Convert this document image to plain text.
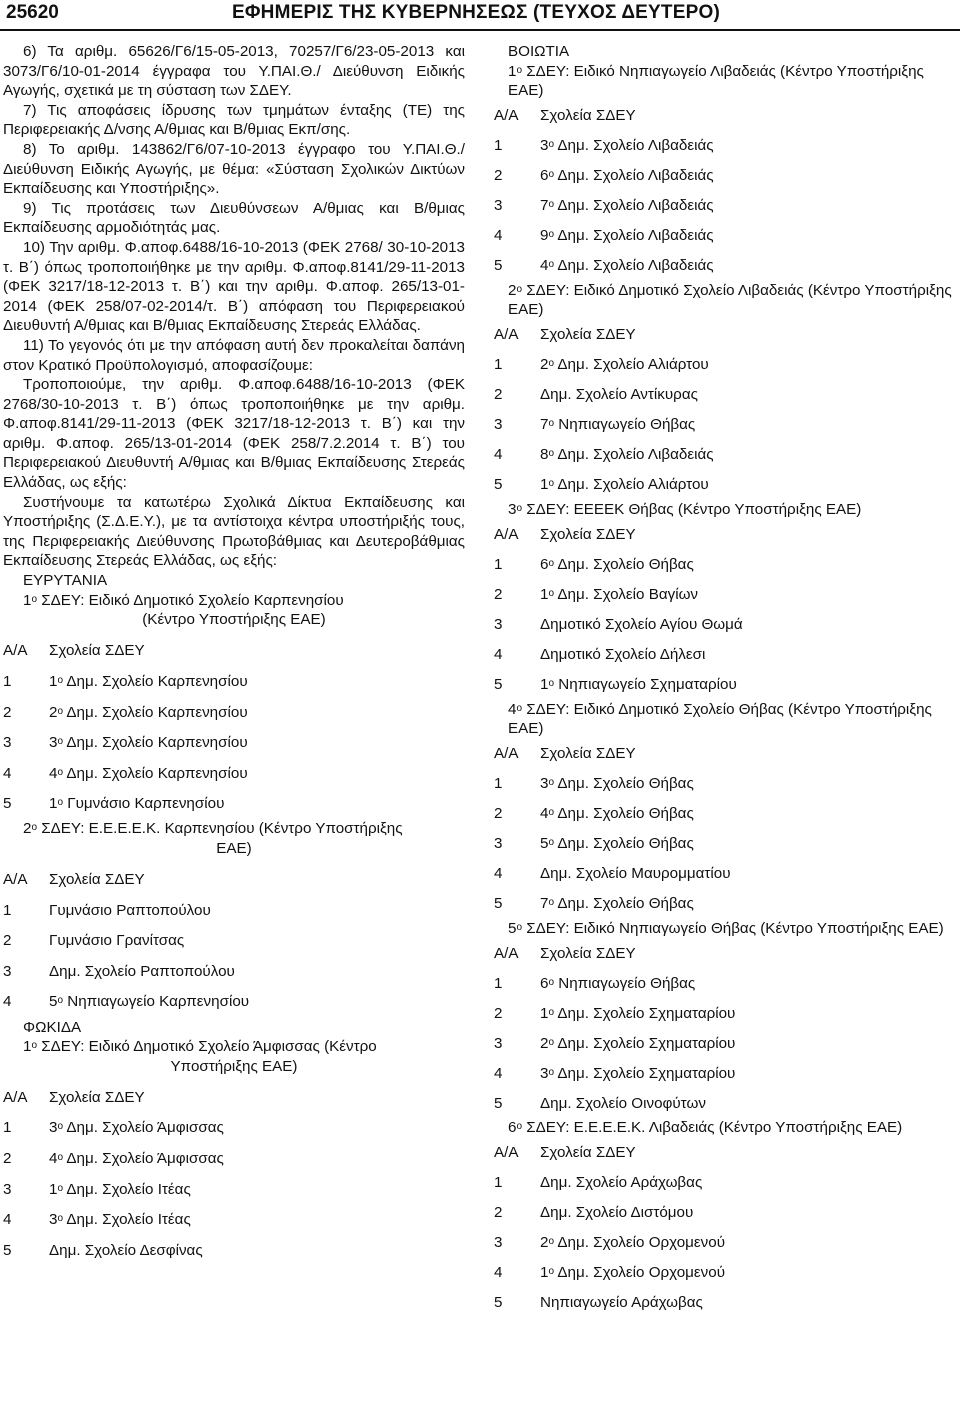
25620	ΕΦΗΜΕΡΙΣ ΤΗΣ ΚΥΒΕΡΝΗΣΕΩΣ (ΤΕΥΧΟΣ ΔΕΥΤΕΡΟ)

6) Τα αριθμ. 65626/Γ6/15-05-2013, 70257/Γ6/23-05-2013 και 3073/Γ6/10-01-2014 έγγραφα του Υ.ΠΑΙ.Θ./ Διεύθυνση Ειδικής Αγωγής, σχετικά με τη σύσταση των ΣΔΕΥ.

7) Τις αποφάσεις ίδρυσης των τμημάτων ένταξης (ΤΕ) της Περιφερειακής Δ/νσης Α/θμιας και Β/θμιας Εκπ/σης.

8) Το αριθμ. 143862/Γ6/07-10-2013 έγγραφο του Υ.ΠΑΙ.Θ./ Διεύθυνση Ειδικής Αγωγής, με θέμα: «Σύσταση Σχολικών Δικτύων Εκπαίδευσης και Υποστήριξης».

9) Τις προτάσεις των Διευθύνσεων Α/θμιας και Β/θμιας Εκπαίδευσης αρμοδιότητάς μας.

10) Την αριθμ. Φ.αποφ.6488/16-10-2013 (ΦΕΚ 2768/ 30-10-2013 τ. Β΄) όπως τροποποιήθηκε με την αριθμ. Φ.αποφ.8141/29-11-2013 (ΦΕΚ 3217/18-12-2013 τ. Β΄) και την αριθμ. Φ.αποφ. 265/13-01-2014 (ΦΕΚ 258/07-02-2014/τ. Β΄) απόφαση του Περιφερειακού Διευθυντή Α/θμιας και Β/θμιας Εκπαίδευσης Στερεάς Ελλάδας.

11) Το γεγονός ότι με την απόφαση αυτή δεν προκαλείται δαπάνη στον Κρατικό Προϋπολογισμό, αποφασίζουμε:

Τροποποιούμε, την αριθμ. Φ.αποφ.6488/16-10-2013 (ΦΕΚ 2768/30-10-2013 τ. Β΄) όπως τροποποιήθηκε με την αριθμ. Φ.αποφ.8141/29-11-2013 (ΦΕΚ 3217/18-12-2013 τ. Β΄) και την αριθμ. Φ.αποφ. 265/13-01-2014 (ΦΕΚ 258/7.2.2014 τ. Β΄) του Περιφερειακού Διευθυντή Α/θμιας και Β/θμιας Εκπαίδευσης Στερεάς Ελλάδας, ως εξής:

Συστήνουμε τα κατωτέρω Σχολικά Δίκτυα Εκπαίδευσης και Υποστήριξης (Σ.Δ.Ε.Υ.), με τα αντίστοιχα κέντρα υποστήριξής τους, της Περιφερειακής Διεύθυνσης Πρωτοβάθμιας και Δευτεροβάθμιας Εκπαίδευσης Στερεάς Ελλάδας, ως εξής:

ΕΥΡΥΤΑΝΙΑ

$1^o$ ΣΔΕΥ: Ειδικό Δημοτικό Σχολείο Καρπενησίου

(Κέντρο Υποστήριξης ΕΑΕ)

Α/Α	Σχολεία ΣΔΕΥ
1	$1^o$ Δημ. Σχολείο Καρπενησίου
2	$2^o$ Δημ. Σχολείο Καρπενησίου
3	$3^o$ Δημ. Σχολείο Καρπενησίου
4	$4^o$ Δημ. Σχολείο Καρπενησίου
5	$1^o$ Γυμνάσιο Καρπενησίου

$2^o$ ΣΔΕΥ: Ε.Ε.Ε.Ε.Κ. Καρπενησίου (Κέντρο Υποστήριξης

ΕΑΕ)

Α/Α	Σχολεία ΣΔΕΥ
1	Γυμνάσιο Ραπτοπούλου
2	Γυμνάσιο Γρανίτσας
3	Δημ. Σχολείο Ραπτοπούλου
4	$5^o$ Νηπιαγωγείο Καρπενησίου

ΦΩΚΙΔΑ

$1^o$ ΣΔΕΥ: Ειδικό Δημοτικό Σχολείο Άμφισσας (Κέντρο

Υποστήριξης ΕΑΕ)

Α/Α	Σχολεία ΣΔΕΥ
1	$3^o$ Δημ. Σχολείο Άμφισσας
2	$4^o$ Δημ. Σχολείο Άμφισσας
3	$1^o$ Δημ. Σχολείο Ιτέας
4	$3^o$ Δημ. Σχολείο Ιτέας
5	Δημ. Σχολείο Δεσφίνας

ΒΟΙΩΤΙΑ

$1^o$ ΣΔΕΥ: Ειδικό Νηπιαγωγείο Λιβαδειάς (Κέντρο Υποστήριξης ΕΑΕ)

Α/Α	Σχολεία ΣΔΕΥ
1	$3^o$ Δημ. Σχολείο Λιβαδειάς
2	$6^o$ Δημ. Σχολείο Λιβαδειάς
3	$7^o$ Δημ. Σχολείο Λιβαδειάς
4	$9^o$ Δημ. Σχολείο Λιβαδειάς
5	$4^o$ Δημ. Σχολείο Λιβαδειάς

$2^o$ ΣΔΕΥ: Ειδικό Δημοτικό Σχολείο Λιβαδειάς (Κέντρο Υποστήριξης ΕΑΕ)

Α/Α	Σχολεία ΣΔΕΥ
1	$2^o$ Δημ. Σχολείο Αλιάρτου
2	Δημ. Σχολείο Αντίκυρας
3	$7^o$ Νηπιαγωγείο Θήβας
4	$8^o$ Δημ. Σχολείο Λιβαδειάς
5	$1^o$ Δημ. Σχολείο Αλιάρτου

$3^o$ ΣΔΕΥ: ΕΕΕΕΚ Θήβας (Κέντρο Υποστήριξης ΕΑΕ)

Α/Α	Σχολεία ΣΔΕΥ
1	$6^o$ Δημ. Σχολείο Θήβας
2	$1^o$ Δημ. Σχολείο Βαγίων
3	Δημοτικό Σχολείο Αγίου Θωμά
4	Δημοτικό Σχολείο Δήλεσι
5	$1^o$ Νηπιαγωγείο Σχηματαρίου

$4^o$ ΣΔΕΥ: Ειδικό Δημοτικό Σχολείο Θήβας (Κέντρο Υποστήριξης ΕΑΕ)

Α/Α	Σχολεία ΣΔΕΥ
1	$3^o$ Δημ. Σχολείο Θήβας
2	$4^o$ Δημ. Σχολείο Θήβας
3	$5^o$ Δημ. Σχολείο Θήβας
4	Δημ. Σχολείο Μαυρομματίου
5	$7^o$ Δημ. Σχολείο Θήβας

$5^o$ ΣΔΕΥ: Ειδικό Νηπιαγωγείο Θήβας (Κέντρο Υποστήριξης ΕΑΕ)

Α/Α	Σχολεία ΣΔΕΥ
1	$6^o$ Νηπιαγωγείο Θήβας
2	$1^o$ Δημ. Σχολείο Σχηματαρίου
3	$2^o$ Δημ. Σχολείο Σχηματαρίου
4	$3^o$ Δημ. Σχολείο Σχηματαρίου
5	Δημ. Σχολείο Οινοφύτων

$6^o$ ΣΔΕΥ: Ε.Ε.Ε.Ε.Κ. Λιβαδειάς (Κέντρο Υποστήριξης ΕΑΕ)

Α/Α	Σχολεία ΣΔΕΥ
1	Δημ. Σχολείο Αράχωβας
2	Δημ. Σχολείο Διστόμου
3	$2^o$ Δημ. Σχολείο Ορχομενού
4	$1^o$ Δημ. Σχολείο Ορχομενού
5	Νηπιαγωγείο Αράχωβας
